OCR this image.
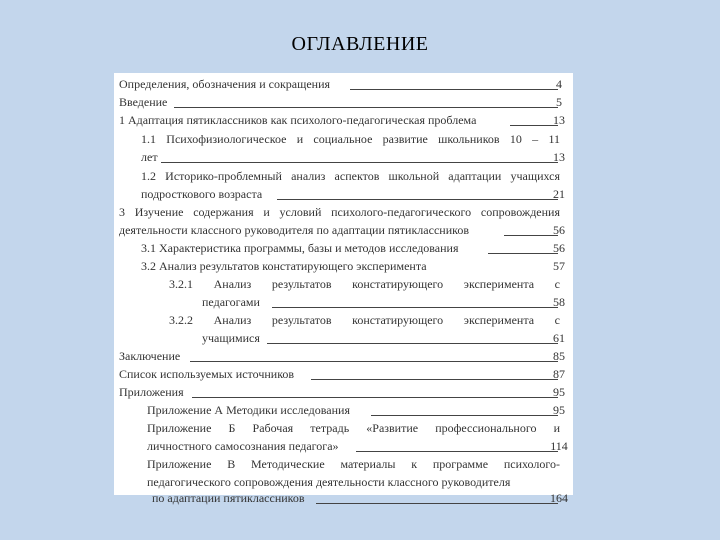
ОГЛАВЛЕНИЕ
Определения, обозначения и сокращения	4
Введение	5
1 Адаптация пятиклассников как психолого-педагогическая проблема	13
1.1 Психофизиологическое и социальное развитие школьников 10 – 11
лет	13
1.2 Историко-проблемный анализ аспектов школьной адаптации учащихся
подросткового возраста	21
3 Изучение содержания и условий психолого-педагогического сопровождения
деятельности классного руководителя по адаптации пятиклассников	56
3.1 Характеристика программы, базы и методов исследования	56
3.2 Анализ результатов констатирующего эксперимента	57
3.2.1 Анализ результатов констатирующего эксперимента с
педагогами	58
3.2.2 Анализ результатов констатирующего эксперимента с
учащимися	61
Заключение	85
Список используемых источников	87
Приложения	95
Приложение А Методики исследования	95
Приложение Б Рабочая тетрадь «Развитие профессионального и
личностного самосознания педагога»	114
Приложение В Методические материалы к программе психолого-
педагогического сопровождения деятельности классного руководителя
по адаптации пятиклассников	164
